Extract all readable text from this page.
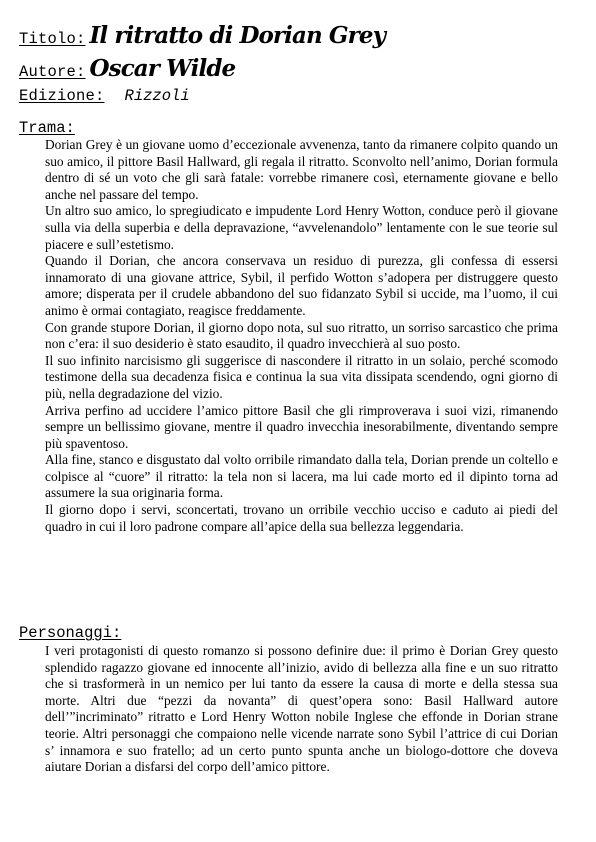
Titolo: Il ritratto di Dorian Grey
Autore: Oscar Wilde
Edizione: Rizzoli
Trama:

Dorian Grey è un giovane uomo d’eccezionale avvenenza, tanto da rimanere colpito quando un suo amico, il pittore Basil Hallward, gli regala il ritratto. Sconvolto nell’animo, Dorian formula dentro di sé un voto che gli sarà fatale: vorrebbe rimanere così, eternamente giovane e bello anche nel passare del tempo.

Un altro suo amico, lo spregiudicato e impudente Lord Henry Wotton, conduce però il giovane sulla via della superbia e della depravazione, “avvelenandolo” lentamente con le sue teorie sul piacere e sull’estetismo.

Quando il Dorian, che ancora conservava un residuo di purezza, gli confessa di essersi innamorato di una giovane attrice, Sybil, il perfido Wotton s’adopera per distruggere questo amore; disperata per il crudele abbandono del suo fidanzato Sybil si uccide, ma l’uomo, il cui animo è ormai contagiato, reagisce freddamente.

Con grande stupore Dorian, il giorno dopo nota, sul suo ritratto, un sorriso sarcastico che prima non c’era: il suo desiderio è stato esaudito, il quadro invecchierà al suo posto.

Il suo infinito narcisismo gli suggerisce di nascondere il ritratto in un solaio, perché scomodo testimone della sua decadenza fisica e continua la sua vita dissipata scendendo, ogni giorno di più, nella degradazione del vizio.

Arriva perfino ad uccidere l’amico pittore Basil che gli rimproverava i suoi vizi, rimanendo sempre un bellissimo giovane, mentre il quadro invecchia inesorabilmente, diventando sempre più spaventoso.

Alla fine, stanco e disgustato dal volto orribile rimandato dalla tela, Dorian prende un coltello e colpisce al “cuore” il ritratto: la tela non si lacera, ma lui cade morto ed il dipinto torna ad assumere la sua originaria forma.

Il giorno dopo i servi, sconcertati, trovano un orribile vecchio ucciso e caduto ai piedi del quadro in cui il loro padrone compare all’apice della sua bellezza leggendaria.

Personaggi:

I veri protagonisti di questo romanzo si possono definire due: il primo è Dorian Grey questo splendido ragazzo giovane ed innocente all’inizio, avido di bellezza alla fine e un suo ritratto che si trasformerà in un nemico per lui tanto da essere la causa di morte e della stessa sua morte. Altri due “pezzi da novanta” di quest’opera sono: Basil Hallward autore dell’”incriminato” ritratto e Lord Henry Wotton nobile Inglese che effonde in Dorian strane teorie. Altri personaggi che compaiono nelle vicende narrate sono Sybil l’attrice di cui Dorian s’ innamora e suo fratello; ad un certo punto spunta anche un biologo-dottore che doveva aiutare Dorian a disfarsi del corpo dell’amico pittore.
